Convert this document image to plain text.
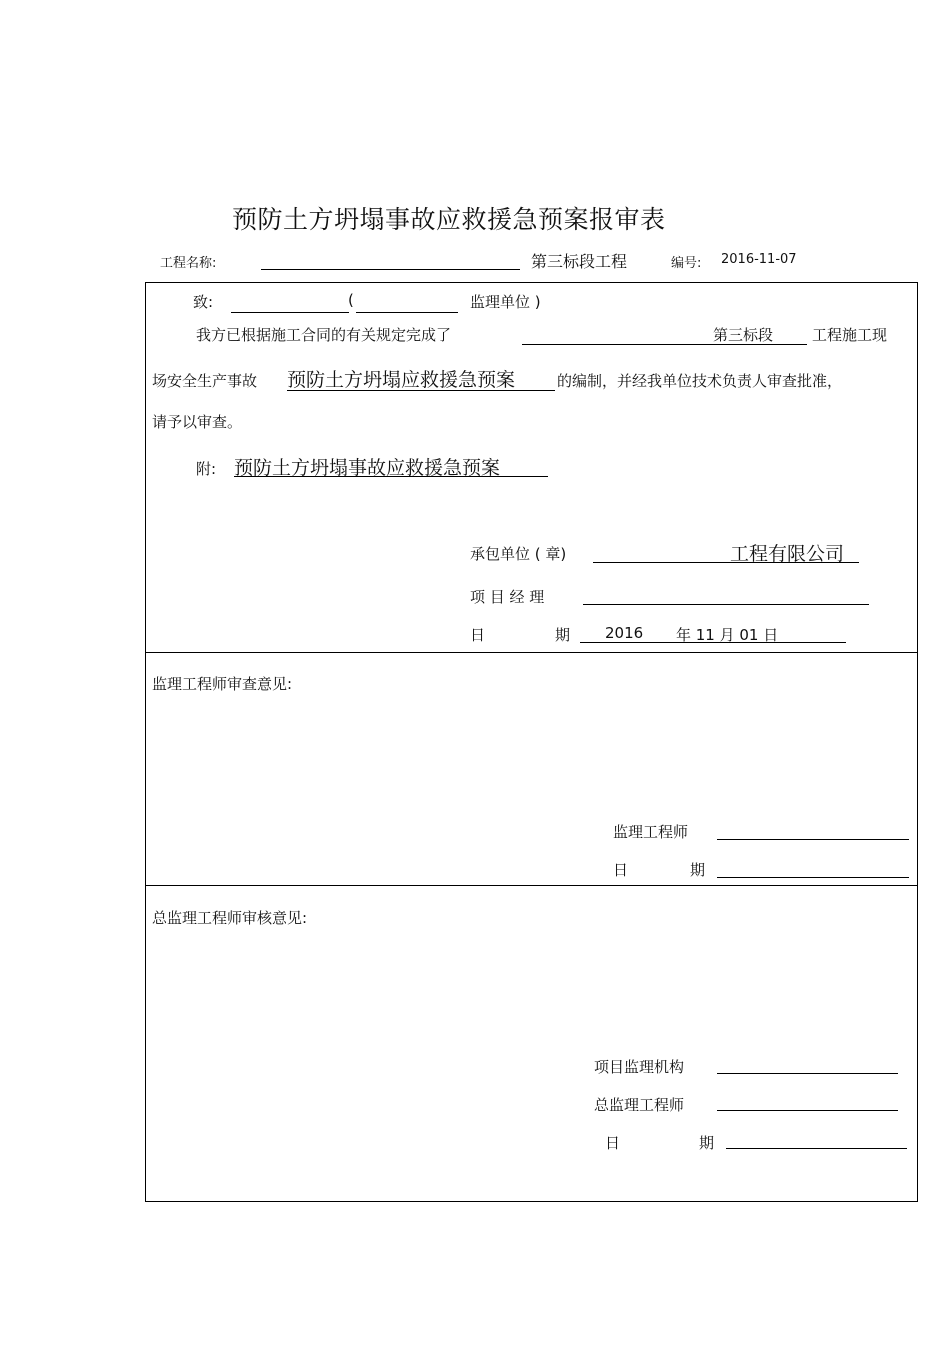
预防土方坍塌事故应救援急预案报审表
工程名称:	第三标段工程	编号: 2016-11-07
致:	(	监理单位 )
我方已根据施工合同的有关规定完成了	第三标段	工程施工现
场安全生产事故 预防土方坍塌应救援急预案	的编制，并经我单位技术负责人审查批准，
请予以审查。
附: 预防土方坍塌事故应救援急预案
承包单位 ( 章)	工程有限公司
项 目 经 理
日	期 2016 年 11 月 01 日
监理工程师审查意见:
监理工程师
日	期
总监理工程师审核意见:
项目监理机构
总监理工程师
日	期
